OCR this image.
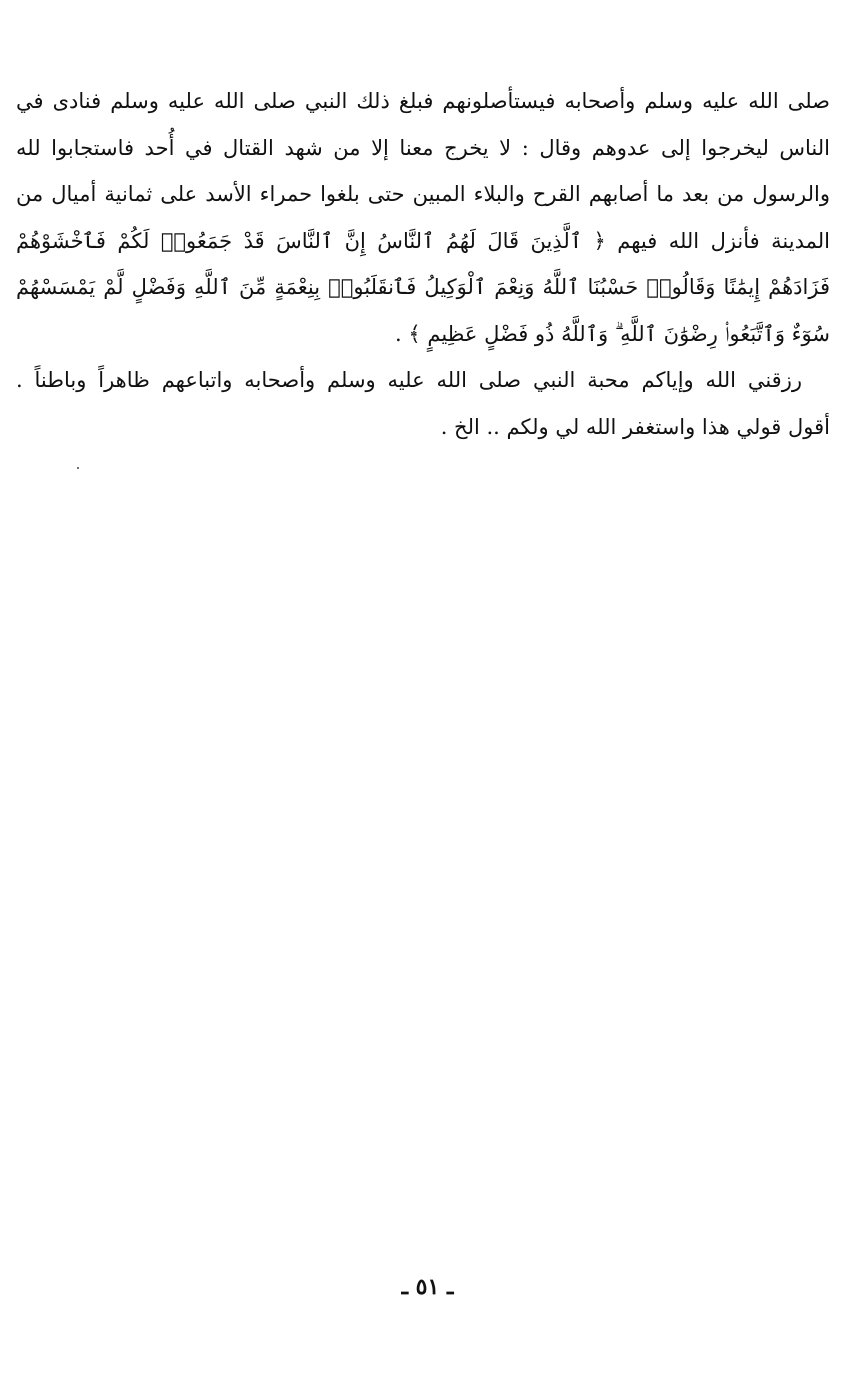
صلى الله عليه وسلم وأصحابه فيستأصلونهم فبلغ ذلك النبي صلى الله عليه وسلم فنادى في
الناس ليخرجوا إلى عدوهم وقال : لا يخرج معنا إلا من شهد القتال في أُحد فاستجابوا لله
والرسول من بعد ما أصابهم القرح والبلاء المبين حتى بلغوا حمراء الأسد على ثمانية أميال من
المدينة فأنزل الله فيهم ﴿ ٱلَّذِينَ قَالَ لَهُمُ ٱلنَّاسُ إِنَّ ٱلنَّاسَ قَدْ جَمَعُوا۟ لَكُمْ فَٱخْشَوْهُمْ
فَزَادَهُمْ إِيمَٰنًا وَقَالُوا۟ حَسْبُنَا ٱللَّهُ وَنِعْمَ ٱلْوَكِيلُ فَٱنقَلَبُوا۟ بِنِعْمَةٍ مِّنَ ٱللَّهِ وَفَضْلٍ لَّمْ يَمْسَسْهُمْ
سُوٓءٌ وَٱتَّبَعُوا۟ رِضْوَٰنَ ٱللَّهِ ۗ وَٱللَّهُ ذُو فَضْلٍ عَظِيمٍ ﴾ .
رزقني الله وإياكم محبة النبي صلى الله عليه وسلم وأصحابه واتباعهم ظاهراً وباطناً .
أقول قولي هذا واستغفر الله لي ولكم .. الخ .
ـ ٥١ ـ
